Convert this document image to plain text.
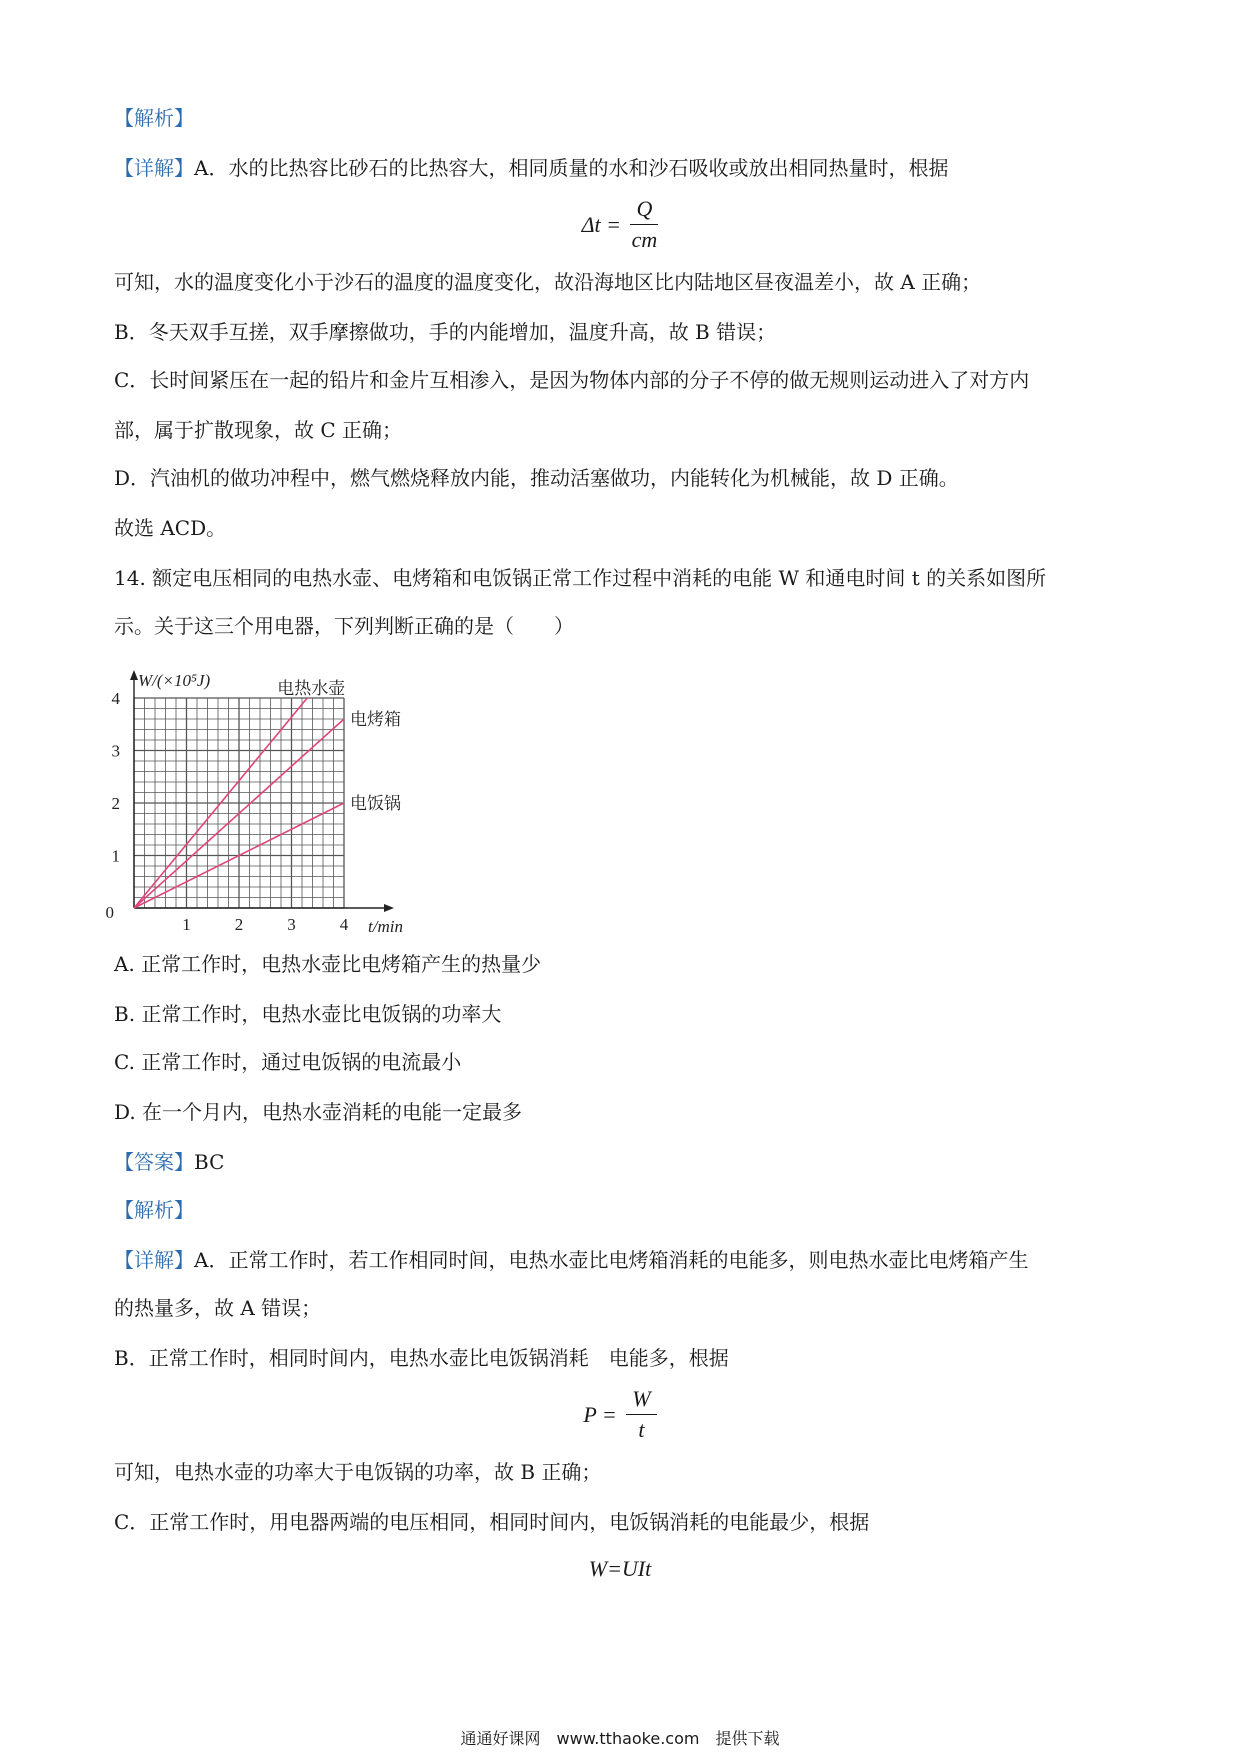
【解析】
【详解】A．水的比热容比砂石的比热容大，相同质量的水和沙石吸收或放出相同热量时，根据
$\Delta t = \frac{Q}{cm}$
可知，水的温度变化小于沙石的温度的温度变化，故沿海地区比内陆地区昼夜温差小，故 A 正确；
B．冬天双手互搓，双手摩擦做功，手的内能增加，温度升高，故 B 错误；
C．长时间紧压在一起的铅片和金片互相渗入，是因为物体内部的分子不停的做无规则运动进入了对方内
部，属于扩散现象，故 C 正确；
D．汽油机的做功冲程中，燃气燃烧释放内能，推动活塞做功，内能转化为机械能，故 D 正确。
故选 ACD。
14. 额定电压相同的电热水壶、电烤箱和电饭锅正常工作过程中消耗的电能 W 和通电时间 t 的关系如图所
示。关于这三个用电器，下列判断正确的是（　　）
1	2	3	4
1
2
3
4
0
t/min
W/(×10⁵J)	电热水壶
电烤箱
电饭锅
A. 正常工作时，电热水壶比电烤箱产生的热量少
B. 正常工作时，电热水壶比电饭锅的功率大
C. 正常工作时，通过电饭锅的电流最小
D. 在一个月内，电热水壶消耗的电能一定最多
【答案】BC
【解析】
【详解】A．正常工作时，若工作相同时间，电热水壶比电烤箱消耗的电能多，则电热水壶比电烤箱产生
的热量多，故 A 错误；
B．正常工作时，相同时间内，电热水壶比电饭锅消耗　电能多，根据
$P = \frac{W}{t}$
可知，电热水壶的功率大于电饭锅的功率，故 B 正确；
C．正常工作时，用电器两端的电压相同，相同时间内，电饭锅消耗的电能最少，根据
W=UIt
通通好课网　www.tthaoke.com　提供下载
